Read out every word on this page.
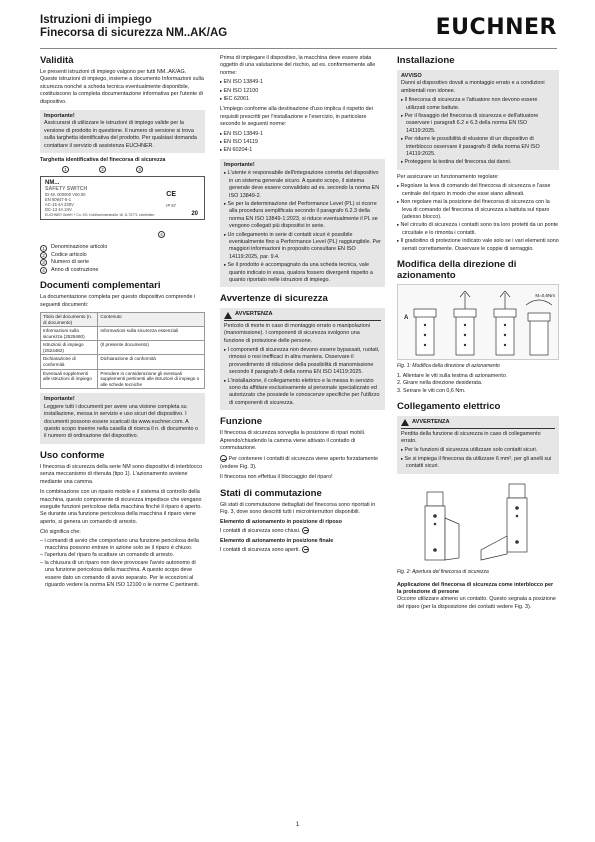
Istruzioni di impiego
Finecorsa di sicurezza NM..AK/AG	EUCHNER
Validità

Le presenti istruzioni di impiego valgono per tutti NM..AK/AG. Queste istruzioni di impiego, insieme a documento Informazioni sulla sicurezza nonché a scheda tecnica eventualmente disponibile, costituiscono la completa documentazione informativa per l'utente di dispositivo.

Importante!

Assicurarsi di utilizzare le istruzioni di impiego valide per la versione di prodotto in questione. Il numero di versione si trova sulla targhetta identificativa del prodotto. Per qualsiasi domanda contattare il servizio di assistenza EUCHNER.

Targhetta identificativa del finecorsa di sicurezza
1	2	3
NM...
SAFETY SWITCH
ID-Nr. 000000 V00.00
EN 60947-5-1
AC-15 4A 230V
DC-13 4A 24V
CE
IP 67
EUCHNER GmbH + Co. KG, Kohlhammerstraße 16, D-70771 Leinfelden	20
4
1	Denominazione articolo
2	Codice articolo
3	Numero di serie
4	Anno di costruzione
Documenti complementari

La documentazione completa per questo dispositivo comprende i seguenti documenti:

Titolo del documento (n. di documento)	Contenuto
Informazioni sulla sicurezza (2525460)	Informazioni sulla sicurezza essenziali
Istruzioni di impiego (2524482)	(Il presente documento)
Dichiarazione di conformità	Dichiarazione di conformità
Eventuali supplementi alle istruzioni di impiego	Prendere in considerazione gli eventuali supplementi pertinenti alle istruzioni di impiego o alle schede tecniche
Importante!

Leggere tutti i documenti per avere una visione completa su installazione, messa in servizio e uso sicuri del dispositivo. I documenti possono essere scaricati da www.euchner.com. A questo scopo inserire nella casella di ricerca il n. di documento o il numero di ordinazione del dispositivo.

Uso conforme

I finecorsa di sicurezza della serie NM sono dispositivi di interblocco senza meccanismo di ritenuta (tipo 1). L'azionamento avviene mediante una camma.

In combinazione con un ripario mobile e il sistema di controllo della macchina, questo componente di sicurezza impedisce che vengano eseguite funzioni pericolose della macchina finché il riparo è aperto. Se durante una funzione pericolosa della macchina il riparo viene aperto, si genera un comando di arresto.

Ciò significa che:

– i comandi di avvio che comportano una funzione pericolosa della macchina possono entrare in azione solo se il riparo è chiuso.
– l'apertura del riparo fa scattare un comando di arresto.
– la chiusura di un riparo non deve provocare l'avvio autonomo di una funzione pericolosa della macchina. A questo scopo deve essere dato un comando di avvio separato. Per le eccezioni al riguardo vedere la norma EN ISO 12100 o le norme C pertinenti.

Prima di impiegare il dispositivo, la macchina deve essere stata oggetto di una valutazione del rischio, ad es. conformemente alle norme:

▸ EN ISO 13849-1
▸ EN ISO 12100
▸ IEC 62061

L'impiego conforme alla destinazione d'uso implica il rispetto dei requisiti prescritti per l'installazione e l'esercizio, in particolare secondo le seguenti norme:

▸ EN ISO 13849-1
▸ EN ISO 14119
▸ EN 60204-1
Importante!
▸ L'utente è responsabile dell'integrazione corretta del dispositivo in un sistema generale sicuro. A questo scopo, il sistema generale deve essere convalidato ad es. secondo la norma EN ISO 13849-2.
▸ Se per la determinazione del Performance Level (PL) si ricorre alla procedura semplificata secondo il paragrafo 6.2.3 della norma EN ISO 13849-1:2023, si riduce eventualmente il PL se vengono collegati più dispositivi in serie.
▸ Un collegamento in serie di contatti sicuri è possibile eventualmente fino a Performance Level (PL) raggiungibile. Per maggiori informazioni in proposito consultare EN ISO 14119:2025, par. 9.4.
▸ Se il prodotto è accompagnato da una scheda tecnica, vale quanto indicato in essa, qualora fossero divergenti rispetto a quanto riportato nelle istruzioni di impiego.
Avvertenze di sicurezza
AVVERTENZA

Pericolo di morte in caso di montaggio errato o manipolazioni (manomissione). I componenti di sicurezza svolgono una funzione di protezione delle persone.

▸ I componenti di sicurezza non devono essere bypassati, ruotati, rimossi o resi inefficaci in altra maniera. Osservare il provvedimento di riduzione della possibilità di manomissione secondo il paragrafo 8 della norma EN ISO 14119:2025.
▸ L'installazione, il collegamento elettrico e la messa in servizio sono da affidare esclusivamente al personale specializzato ed autorizzato che possiede le conoscenze specifiche per l'utilizzo di componenti di sicurezza.
Funzione

Il finecorsa di sicurezza sorveglia la posizione di ripari mobili. Aprendo/chiudendo la camma viene attivato il contatto di commutazione.

Per contenere i contatti di sicurezza viene aperto forzatamente (vedere Fig. 3).

Il finecorsa non effettua il bloccaggio del riparo!

Stati di commutazione

Gli stati di commutazione dettagliati del finecorsa sono riportati in Fig. 3, dove sono descritti tutti i microinterruttori disponibili.

Elemento di azionamento in posizione di riposo

I contatti di sicurezza sono chiusi.

Elemento di azionamento in posizione finale

I contatti di sicurezza sono aperti.

Installazione
AVVISO

Danni al dispositivo dovuti a montaggio errato e a condizioni ambientali non idonee.

▸ Il finecorsa di sicurezza e l'attuatore non devono essere utilizzati come battute.
▸ Per il fissaggio del finecorsa di sicurezza e dell'attuatore osservare i paragrafi 6.2 e 6.3 della norma EN ISO 14119:2025.
▸ Per ridurre le possibilità di elusione di un dispositivo di interblocco osservare il paragrafo 8 della norma EN ISO 14119:2025.
▸ Proteggere la testina del finecorsa dai danni.

Per assicurare un funzionamento regolare:

▸ Regolare la leva di comando del finecorsa di sicurezza e l'asse centrale del riparo in modo che esse siano allineati.
▸ Non regolare mai la posizione del finecorsa di sicurezza con la leva di comando del finecorsa di sicurezza a battuta sul riparo (adesso blocco).
▸ Nel circuito di sicurezza i contatti sono tra loro protetti da un ponte circuitale e lo rimonta i contatti.
▸ Il gradoitino di protezione indicato vale solo se i vari elementi sono serrati correttamente. Osservare le coppie di serraggio.
Modifica della direzione di azionamento
A
M=0,6Nm
Fig. 1: Modifica della direzione di azionamento
1. Allentare le viti sulla testina di azionamento.
2. Girare nella direzione desiderata.
3. Serrare le viti con 0,6 Nm.
Collegamento elettrico
AVVERTENZA

Perdita della funzione di sicurezza in caso di collegamento errato.

▸ Per le funzioni di sicurezza utilizzare solo contatti sicuri.
▸ Se si impiega il finecorsa da utilizzare 6 mm², per gli anelli sui contatti sicuri.
Fig. 2: Apertura del finecorsa di sicurezza
Applicazione del finecorsa di sicurezza come interblocco per la protezione di persone

Occorre utilizzare almeno un contatto. Questo segnala a posizione del riparo (per la disposizione dei contatti vedere Fig. 3).

1
